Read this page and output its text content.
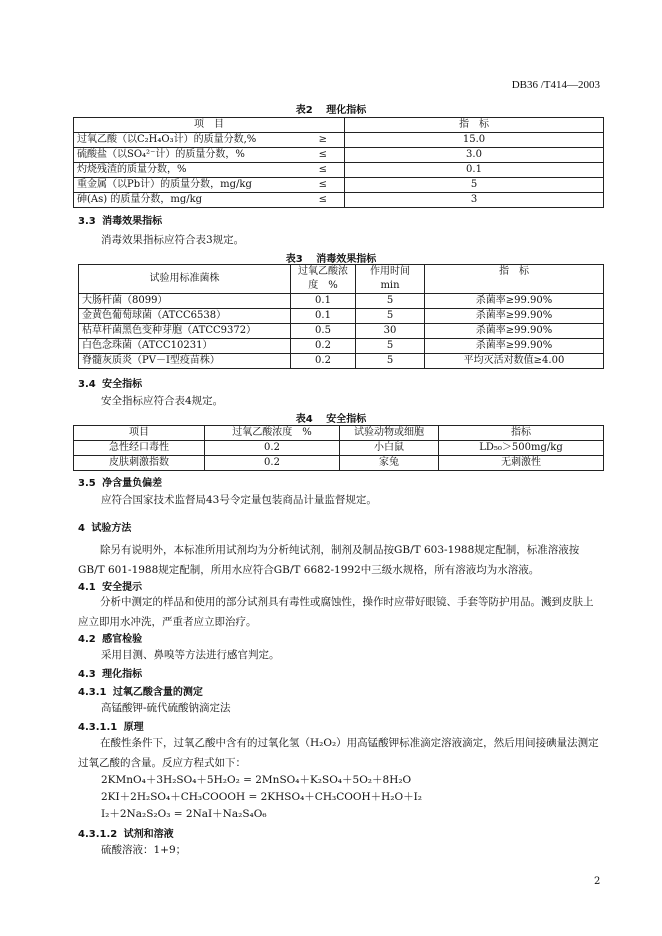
DB36 /T414—2003
表2　 理化指标
项　目		指　标
过氧乙酸（以C₂H₄O₃计）的质量分数,%	≥	15.0
硫酸盐（以SO₄²⁻计）的质量分数，%	≤	3.0
灼烧残渣的质量分数，%	≤	0.1
重金属（以Pb计）的质量分数，mg/kg	≤	5
砷(As) 的质量分数，mg/kg	≤	3
3.3 消毒效果指标
消毒效果指标应符合表3规定。
表3　 消毒效果指标
试验用标准菌株	过氧乙酸浓度　%	作用时间 min	指　标
大肠杆菌（8099）	0.1	5	杀菌率≥99.90%
金黄色葡萄球菌（ATCC6538）	0.1	5	杀菌率≥99.90%
枯草杆菌黑色变种芽胞（ATCC9372）	0.5	30	杀菌率≥99.90%
白色念珠菌（ATCC10231）	0.2	5	杀菌率≥99.90%
脊髓灰质炎（PV－Ⅰ型疫苗株）	0.2	5	平均灭活对数值≥4.00
3.4 安全指标
安全指标应符合表4规定。
表4　 安全指标
项目	过氧乙酸浓度　%	试验动物或细胞	指标
急性经口毒性	0.2	小白鼠	LD₅₀＞500mg/kg
皮肤刺激指数	0.2	家兔	无刺激性
3.5 净含量负偏差
应符合国家技术监督局43号令定量包装商品计量监督规定。
4 试验方法
除另有说明外，本标准所用试剂均为分析纯试剂，制剂及制品按GB/T 603-1988规定配制，标准溶液按GB/T 601-1988规定配制，所用水应符合GB/T 6682-1992中三级水规格，所有溶液均为水溶液。
4.1 安全提示
分析中测定的样品和使用的部分试剂具有毒性或腐蚀性，操作时应带好眼镜、手套等防护用品。溅到皮肤上应立即用水冲洗，严重者应立即治疗。
4.2 感官检验
采用目测、鼻嗅等方法进行感官判定。
4.3 理化指标
4.3.1 过氧乙酸含量的测定
高锰酸钾-硫代硫酸钠滴定法
4.3.1.1 原理
在酸性条件下，过氧乙酸中含有的过氧化氢（H₂O₂）用高锰酸钾标准滴定溶液滴定，然后用间接碘量法测定过氧乙酸的含量。反应方程式如下：
2KMnO₄＋3H₂SO₄＋5H₂O₂ = 2MnSO₄＋K₂SO₄＋5O₂＋8H₂O
2KI＋2H₂SO₄＋CH₃COOOH = 2KHSO₄＋CH₃COOH＋H₂O＋I₂
I₂＋2Na₂S₂O₃ = 2NaI＋Na₂S₄O₆
4.3.1.2 试剂和溶液
硫酸溶液：1+9；
2
